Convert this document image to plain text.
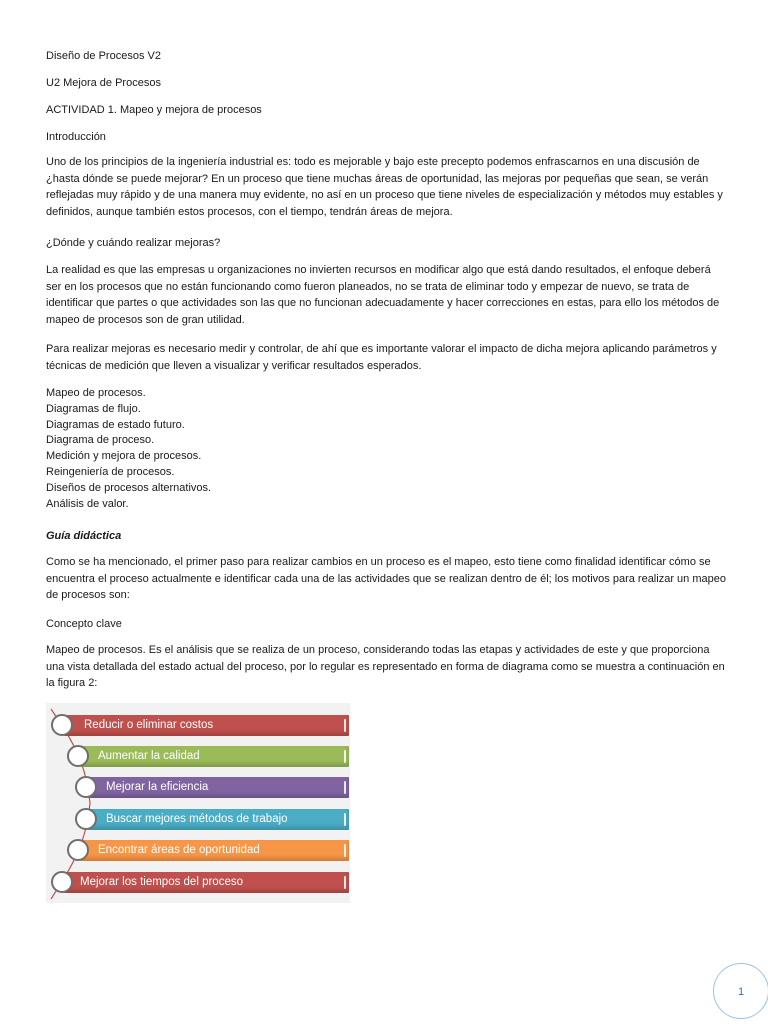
Diseño de Procesos V2
U2 Mejora de Procesos
ACTIVIDAD 1. Mapeo y mejora de procesos
Introducción
Uno de los principios de la ingeniería industrial es: todo es mejorable y bajo este precepto podemos enfrascarnos en una discusión de ¿hasta dónde se puede mejorar? En un proceso que tiene muchas áreas de oportunidad, las mejoras por pequeñas que sean, se verán reflejadas muy rápido y de una manera muy evidente, no así en un proceso que tiene niveles de especialización y métodos muy estables y definidos, aunque también estos procesos, con el tiempo, tendrán áreas de mejora.
¿Dónde y cuándo realizar mejoras?
La realidad es que las empresas u organizaciones no invierten recursos en modificar algo que está dando resultados, el enfoque deberá ser en los procesos que no están funcionando como fueron planeados, no se trata de eliminar todo y empezar de nuevo, se trata de identificar que partes o que actividades son las que no funcionan adecuadamente y hacer correcciones en estas, para ello los métodos de mapeo de procesos son de gran utilidad.
Para realizar mejoras es necesario medir y controlar, de ahí que es importante valorar el impacto de dicha mejora aplicando parámetros y técnicas de medición que lleven a visualizar y verificar resultados esperados.
Mapeo de procesos.
Diagramas de flujo.
Diagramas de estado futuro.
Diagrama de proceso.
Medición y mejora de procesos.
Reingeniería de procesos.
Diseños de procesos alternativos.
Análisis de valor.
Guía didáctica
Como se ha mencionado, el primer paso para realizar cambios en un proceso es el mapeo, esto tiene como finalidad identificar cómo se encuentra el proceso actualmente e identificar cada una de las actividades que se realizan dentro de él; los motivos para realizar un mapeo de procesos son:
Concepto clave
Mapeo de procesos. Es el análisis que se realiza de un proceso, considerando todas las etapas y actividades de este y que proporciona una vista detallada del estado actual del proceso, por lo regular es representado en forma de diagrama como se muestra a continuación en la figura 2:
Reducir o eliminar costos
Aumentar la calidad
Mejorar la eficiencia
Buscar mejores métodos de trabajo
Encontrar áreas de oportunidad
Mejorar los tiempos del proceso
1
